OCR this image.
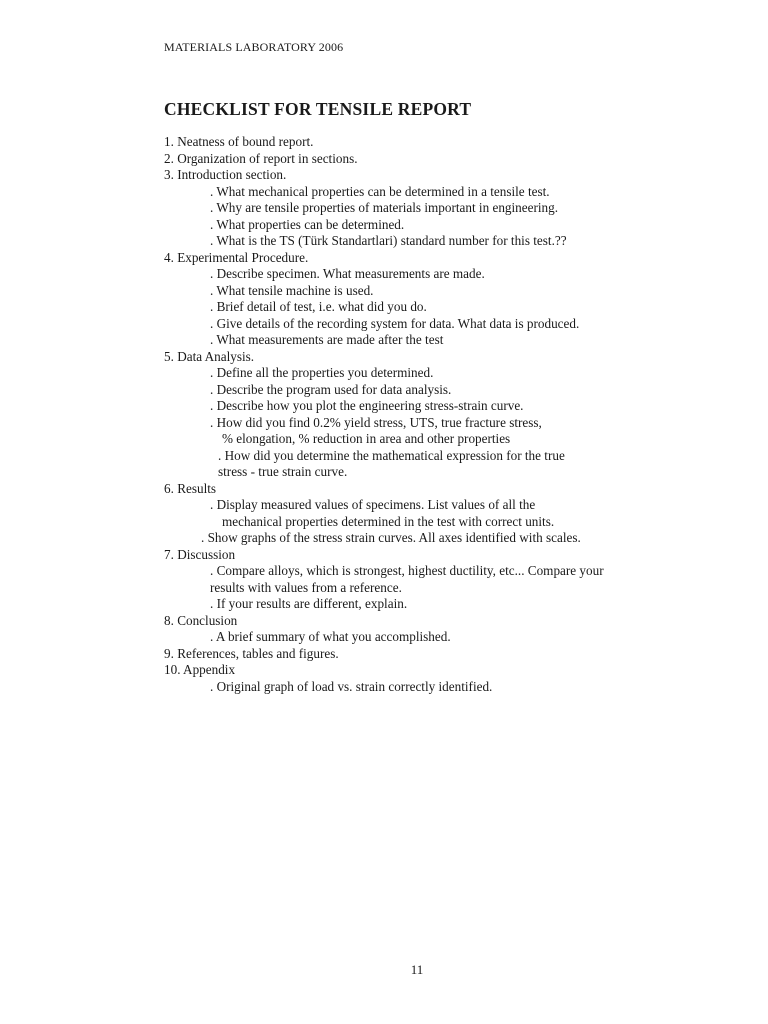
MATERIALS LABORATORY 2006
CHECKLIST FOR TENSILE REPORT
1. Neatness of bound report.
2. Organization of report in sections.
3. Introduction section.
. What mechanical properties can be determined in a tensile test.
. Why are tensile properties of materials important in engineering.
. What properties can be determined.
. What is the TS (Türk Standartlari) standard number for this test.??
4. Experimental Procedure.
. Describe specimen. What measurements are made.
. What tensile machine is used.
. Brief detail of test, i.e. what did you do.
. Give details of the recording system for data. What data is produced.
. What measurements are made after the test
5. Data Analysis.
. Define all the properties you determined.
. Describe the program used for data analysis.
. Describe how you plot the engineering stress-strain curve.
. How did you find 0.2% yield stress, UTS, true fracture stress,
% elongation, % reduction in area and other properties
. How did you determine the mathematical expression for the true
stress - true strain curve.
6. Results
. Display measured values of specimens. List values of all the
mechanical properties determined in the test with correct units.
. Show graphs of the stress strain curves. All axes identified with scales.
7. Discussion
. Compare alloys, which is strongest, highest ductility, etc... Compare your
results with values from a reference.
. If your results are different, explain.
8. Conclusion
. A brief summary of what you accomplished.
9. References, tables and figures.
10. Appendix
. Original graph of load vs. strain correctly identified.
11
